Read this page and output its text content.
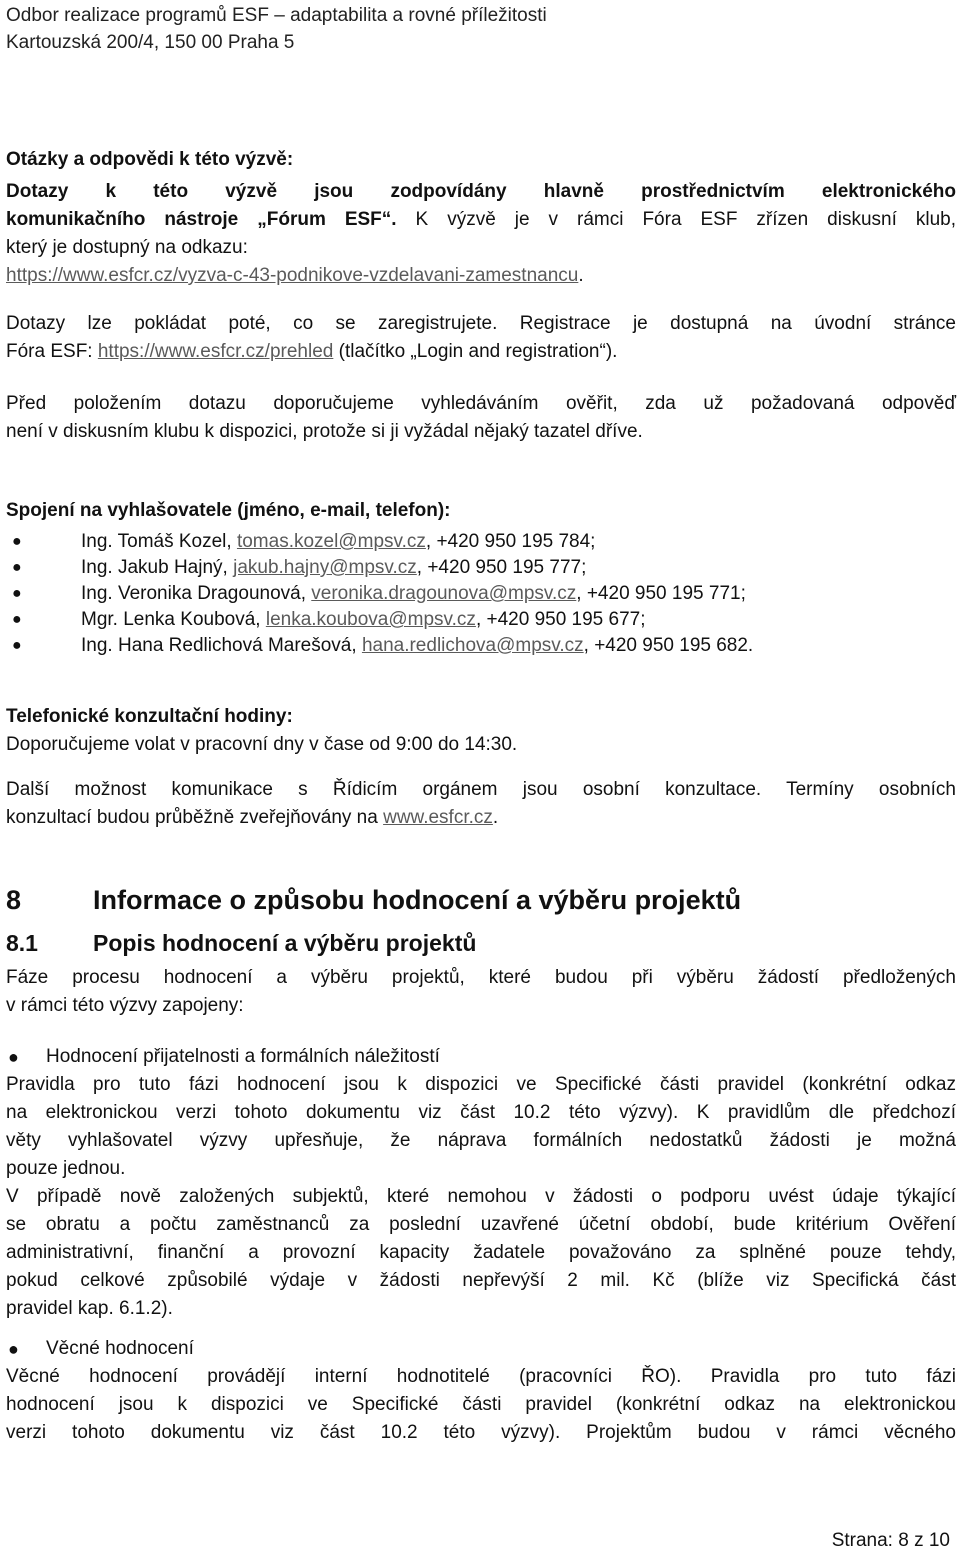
Odbor realizace programů ESF – adaptabilita a rovné příležitosti
Kartouzská 200/4, 150 00 Praha 5
Otázky a odpovědi k této výzvě:
Dotazy k této výzvě jsou zodpovídány hlavně prostřednictvím elektronického
komunikačního nástroje „Fórum ESF“. K výzvě je v rámci Fóra ESF zřízen diskusní klub,
který je dostupný na odkazu:
https://www.esfcr.cz/vyzva-c-43-podnikove-vzdelavani-zamestnancu.
Dotazy lze pokládat poté, co se zaregistrujete. Registrace je dostupná na úvodní stránce
Fóra ESF: https://www.esfcr.cz/prehled (tlačítko „Login and registration“).
Před položením dotazu doporučujeme vyhledáváním ověřit, zda už požadovaná odpověď
není v diskusním klubu k dispozici, protože si ji vyžádal nějaký tazatel dříve.
Spojení na vyhlašovatele (jméno, e-mail, telefon):
●	Ing. Tomáš Kozel, tomas.kozel@mpsv.cz, +420 950 195 784;
●	Ing. Jakub Hajný, jakub.hajny@mpsv.cz, +420 950 195 777;
●	Ing. Veronika Dragounová, veronika.dragounova@mpsv.cz, +420 950 195 771;
●	Mgr. Lenka Koubová, lenka.koubova@mpsv.cz, +420 950 195 677;
●	Ing. Hana Redlichová Marešová, hana.redlichova@mpsv.cz, +420 950 195 682.
Telefonické konzultační hodiny:
Doporučujeme volat v pracovní dny v čase od 9:00 do 14:30.
Další možnost komunikace s Řídicím orgánem jsou osobní konzultace. Termíny osobních
konzultací budou průběžně zveřejňovány na www.esfcr.cz.
8	Informace o způsobu hodnocení a výběru projektů
8.1	Popis hodnocení a výběru projektů
Fáze procesu hodnocení a výběru projektů, které budou při výběru žádostí předložených
v rámci této výzvy zapojeny:
● Hodnocení přijatelnosti a formálních náležitostí
Pravidla pro tuto fázi hodnocení jsou k dispozici ve Specifické části pravidel (konkrétní odkaz
na elektronickou verzi tohoto dokumentu viz část 10.2 této výzvy). K pravidlům dle předchozí
věty vyhlašovatel výzvy upřesňuje, že náprava formálních nedostatků žádosti je možná
pouze jednou.
V případě nově založených subjektů, které nemohou v žádosti o podporu uvést údaje týkající
se obratu a počtu zaměstnanců za poslední uzavřené účetní období, bude kritérium Ověření
administrativní, finanční a provozní kapacity žadatele považováno za splněné pouze tehdy,
pokud celkové způsobilé výdaje v žádosti nepřevýší 2 mil. Kč (blíže viz Specifická část
pravidel kap. 6.1.2).
● Věcné hodnocení
Věcné hodnocení provádějí interní hodnotitelé (pracovníci ŘO). Pravidla pro tuto fázi
hodnocení jsou k dispozici ve Specifické části pravidel (konkrétní odkaz na elektronickou
verzi tohoto dokumentu viz část 10.2 této výzvy). Projektům budou v rámci věcného
Strana: 8 z 10
